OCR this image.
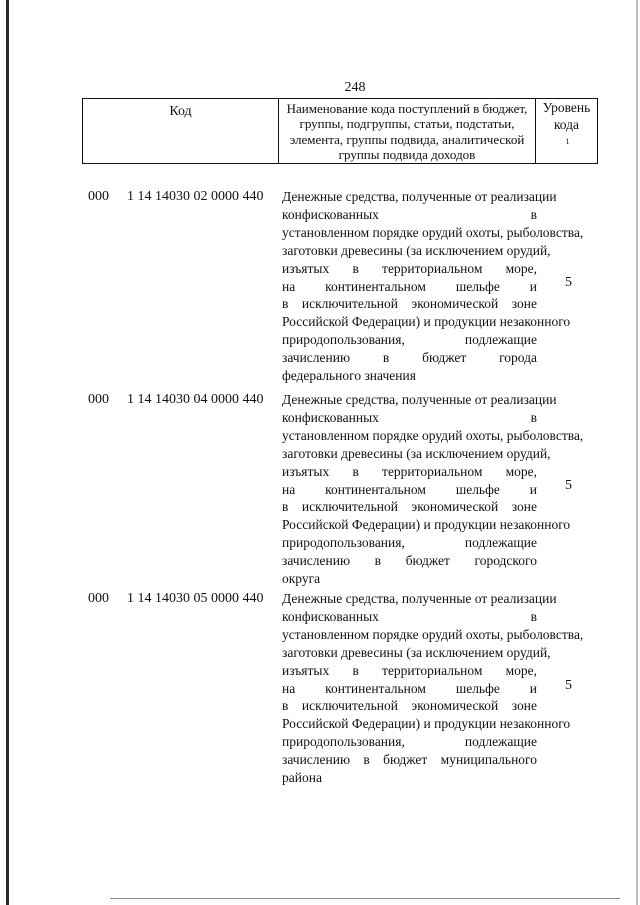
248
Код	Наименование кода поступлений в бюджет, группы, подгруппы, статьи, подстатьи, элемента, группы подвида, аналитической группы подвида доходов
Уровень кода
$^1$
000 1 14 14030 02 0000 440 Денежные средства, полученные от реализации
конфискованных в
установленном порядке орудий охоты, рыболовства,
заготовки древесины (за исключением орудий,
изъятых в территориальном море,
на континентальном шельфе и
в исключительной экономической зоне
Российской Федерации) и продукции незаконного
природопользования, подлежащие
зачислению в бюджет города
федерального значения
5
000 1 14 14030 04 0000 440 Денежные средства, полученные от реализации
конфискованных в
установленном порядке орудий охоты, рыболовства,
заготовки древесины (за исключением орудий,
изъятых в территориальном море,
на континентальном шельфе и
в исключительной экономической зоне
Российской Федерации) и продукции незаконного
природопользования, подлежащие
зачислению в бюджет городского
округа
5
000 1 14 14030 05 0000 440 Денежные средства, полученные от реализации
конфискованных в
установленном порядке орудий охоты, рыболовства,
заготовки древесины (за исключением орудий,
изъятых в территориальном море,
на континентальном шельфе и
в исключительной экономической зоне
Российской Федерации) и продукции незаконного
природопользования, подлежащие
зачислению в бюджет муниципального
района
5
